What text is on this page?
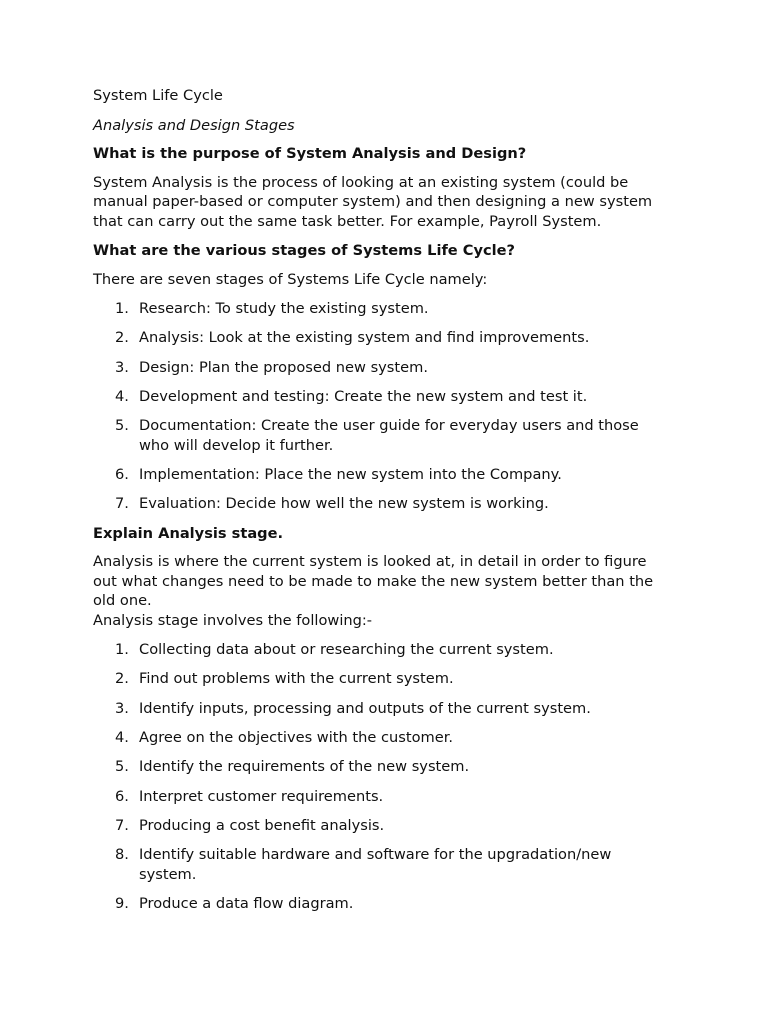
System Life Cycle

Analysis and Design Stages

What is the purpose of System Analysis and Design?

System Analysis is the process of looking at an existing system (could be manual paper-based or computer system) and then designing a new system that can carry out the same task better. For example, Payroll System.

What are the various stages of Systems Life Cycle?

There are seven stages of Systems Life Cycle namely:

1. Research: To study the existing system.
2. Analysis: Look at the existing system and find improvements.
3. Design: Plan the proposed new system.
4. Development and testing: Create the new system and test it.
5. Documentation: Create the user guide for everyday users and those who will develop it further.
6. Implementation: Place the new system into the Company.
7. Evaluation: Decide how well the new system is working.

Explain Analysis stage.

Analysis is where the current system is looked at, in detail in order to figure out what changes need to be made to make the new system better than the old one.

Analysis stage involves the following:-

1. Collecting data about or researching the current system.
2. Find out problems with the current system.
3. Identify inputs, processing and outputs of the current system.
4. Agree on the objectives with the customer.
5. Identify the requirements of the new system.
6. Interpret customer requirements.
7. Producing a cost benefit analysis.
8. Identify suitable hardware and software for the upgradation/new system.
9. Produce a data flow diagram.
